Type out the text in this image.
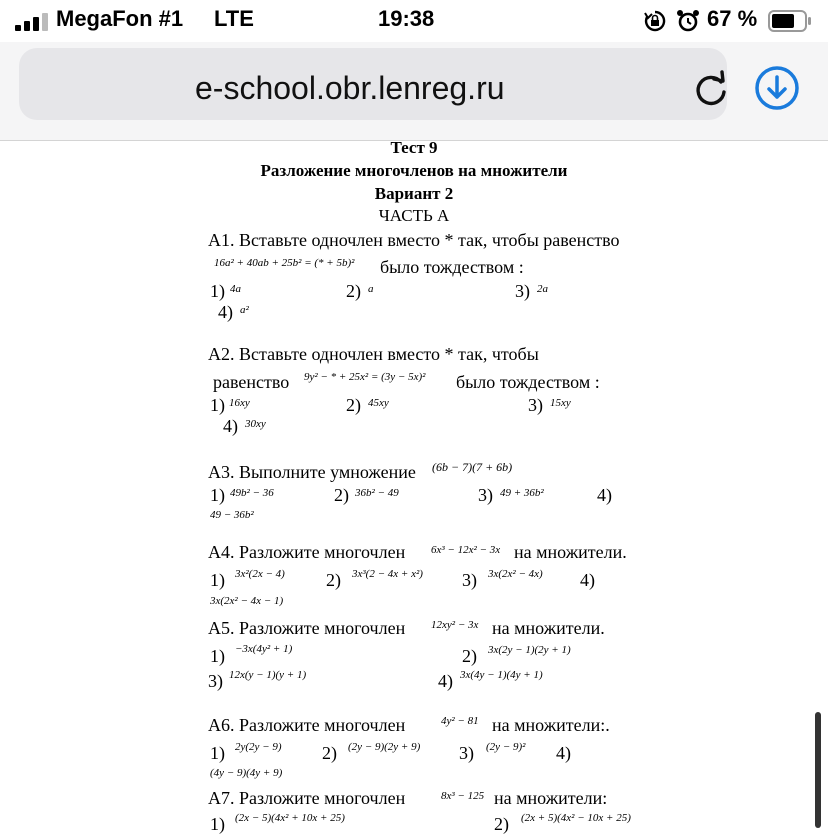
MegaFon #1 LTE	19:38	67 %
e-school.obr.lenreg.ru
Тест 9
Разложение многочленов на множители
Вариант 2
ЧАСТЬ А
А1. Вставьте одночлен вместо * так, чтобы равенство
16a² + 40ab + 25b² = (* + 5b)² было тождеством :
1) 4a	2) a	3) 2a
4) a²
А2. Вставьте одночлен вместо * так, чтобы
равенство 9y² − * + 25x² = (3y − 5x)² было тождеством :
1) 16xy	2) 45xy	3) 15xy
4) 30xy
А3. Выполните умножение (6b − 7)(7 + 6b)
1) 49b² − 36	2) 36b² − 49	3) 49 + 36b²	4)
49 − 36b²
А4. Разложите многочлен 6x³ − 12x² − 3x на множители.
1) 3x²(2x − 4) 2) 3x³(2 − 4x + x²) 3) 3x(2x² − 4x) 4)
3x(2x² − 4x − 1)
А5. Разложите многочлен 12xy² − 3x на множители.
1) −3x(4y² + 1)	2) 3x(2y − 1)(2y + 1)
3) 12x(y − 1)(y + 1)	4) 3x(4y − 1)(4y + 1)
А6. Разложите многочлен	4y² − 81 на множители:.
1) 2y(2y − 9) 2) (2y − 9)(2y + 9) 3) (2y − 9)² 4)
(4y − 9)(4y + 9)
А7. Разложите многочлен	8x³ − 125 на множители:
1) (2x − 5)(4x² + 10x + 25)	2) (2x + 5)(4x² − 10x + 25)
